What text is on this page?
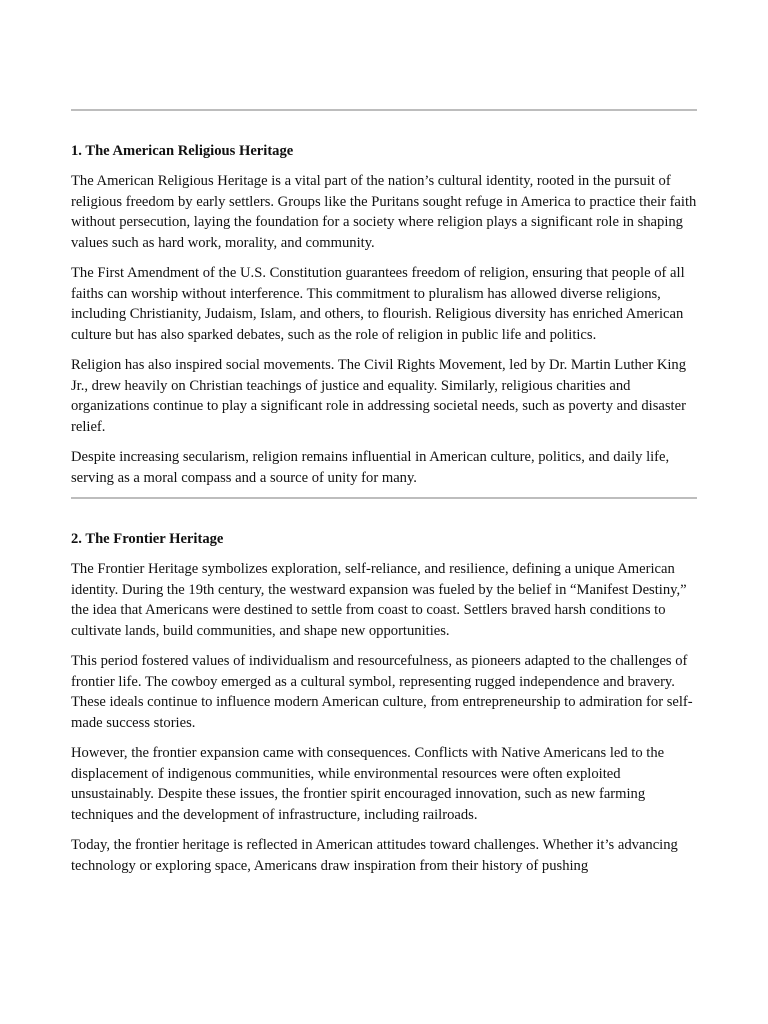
1. The American Religious Heritage

The American Religious Heritage is a vital part of the nation’s cultural identity, rooted in the pursuit of religious freedom by early settlers. Groups like the Puritans sought refuge in America to practice their faith without persecution, laying the foundation for a society where religion plays a significant role in shaping values such as hard work, morality, and community.

The First Amendment of the U.S. Constitution guarantees freedom of religion, ensuring that people of all faiths can worship without interference. This commitment to pluralism has allowed diverse religions, including Christianity, Judaism, Islam, and others, to flourish. Religious diversity has enriched American culture but has also sparked debates, such as the role of religion in public life and politics.

Religion has also inspired social movements. The Civil Rights Movement, led by Dr. Martin Luther King Jr., drew heavily on Christian teachings of justice and equality. Similarly, religious charities and organizations continue to play a significant role in addressing societal needs, such as poverty and disaster relief.

Despite increasing secularism, religion remains influential in American culture, politics, and daily life, serving as a moral compass and a source of unity for many.

2. The Frontier Heritage

The Frontier Heritage symbolizes exploration, self-reliance, and resilience, defining a unique American identity. During the 19th century, the westward expansion was fueled by the belief in “Manifest Destiny,” the idea that Americans were destined to settle from coast to coast. Settlers braved harsh conditions to cultivate lands, build communities, and shape new opportunities.

This period fostered values of individualism and resourcefulness, as pioneers adapted to the challenges of frontier life. The cowboy emerged as a cultural symbol, representing rugged independence and bravery. These ideals continue to influence modern American culture, from entrepreneurship to admiration for self-made success stories.

However, the frontier expansion came with consequences. Conflicts with Native Americans led to the displacement of indigenous communities, while environmental resources were often exploited unsustainably. Despite these issues, the frontier spirit encouraged innovation, such as new farming techniques and the development of infrastructure, including railroads.

Today, the frontier heritage is reflected in American attitudes toward challenges. Whether it’s advancing technology or exploring space, Americans draw inspiration from their history of pushing
